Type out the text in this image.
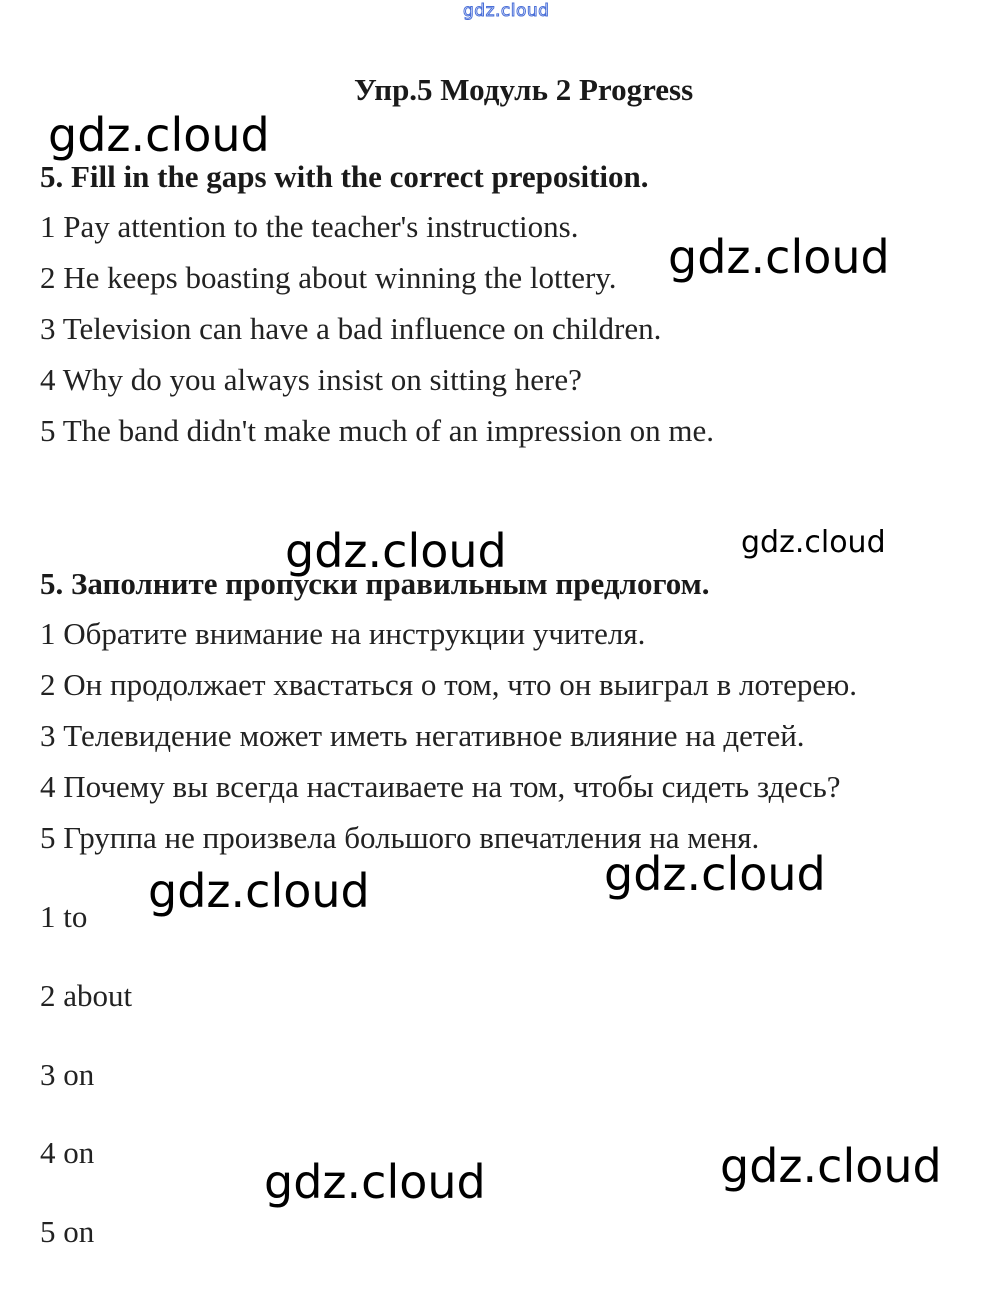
gdz.cloud
Упр.5 Модуль 2 Progress
5. Fill in the gaps with the correct preposition.
1 Pay attention to the teacher's instructions.
2 He keeps boasting about winning the lottery.
3 Television can have a bad influence on children.
4 Why do you always insist on sitting here?
5 The band didn't make much of an impression on me.
5. Заполните пропуски правильным предлогом.
1 Обратите внимание на инструкции учителя.
2 Он продолжает хвастаться о том, что он выиграл в лотерею.
3 Телевидение может иметь негативное влияние на детей.
4 Почему вы всегда настаиваете на том, чтобы сидеть здесь?
5 Группа не произвела большого впечатления на меня.
1 to
2 about
3 on
4 on
5 on
gdz.cloud
gdz.cloud
gdz.cloud	gdz.cloud
gdz.cloud	gdz.cloud
gdz.cloud	gdz.cloud
